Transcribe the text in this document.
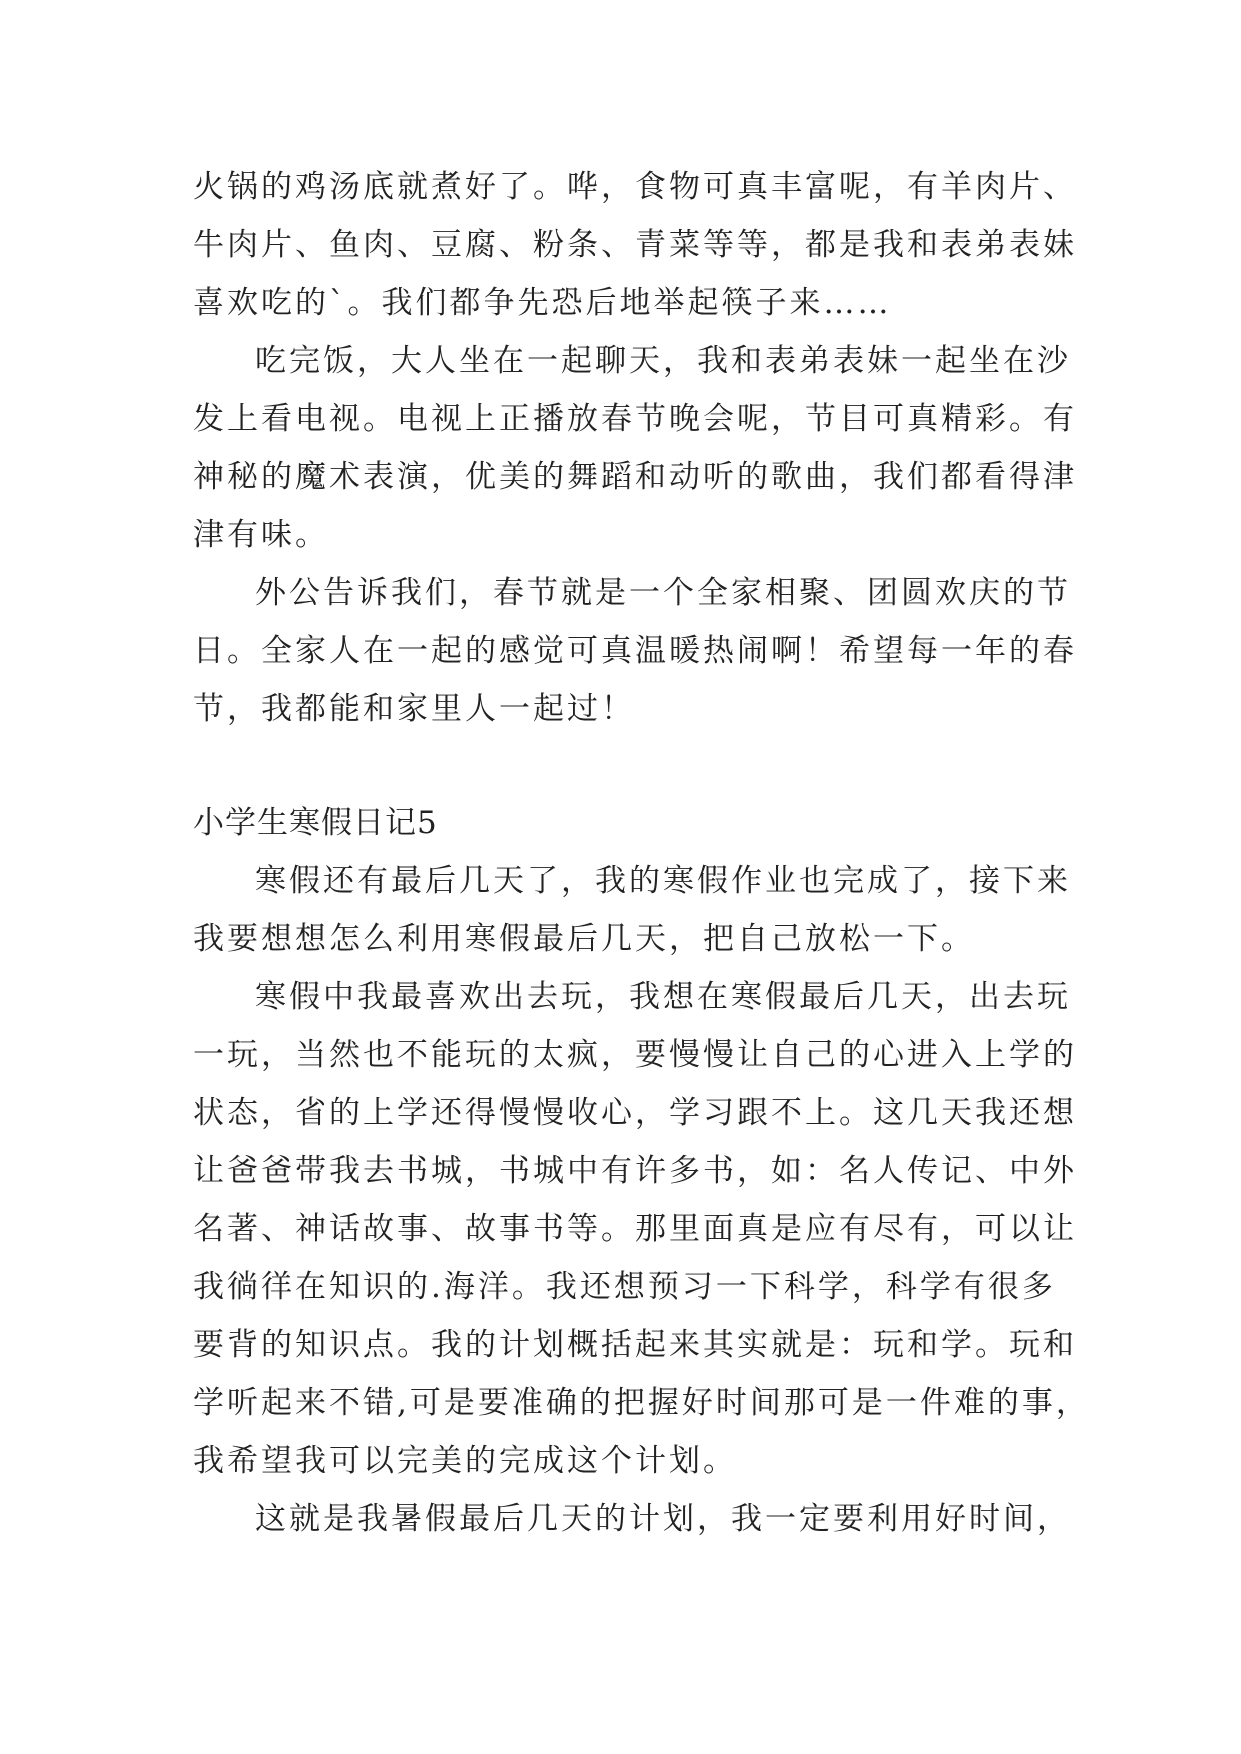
火锅的鸡汤底就煮好了。哗，食物可真丰富呢，有羊肉片、
牛肉片、鱼肉、豆腐、粉条、青菜等等，都是我和表弟表妹
喜欢吃的`。我们都争先恐后地举起筷子来……
吃完饭，大人坐在一起聊天，我和表弟表妹一起坐在沙
发上看电视。电视上正播放春节晚会呢，节目可真精彩。有
神秘的魔术表演，优美的舞蹈和动听的歌曲，我们都看得津
津有味。
外公告诉我们，春节就是一个全家相聚、团圆欢庆的节
日。全家人在一起的感觉可真温暖热闹啊！希望每一年的春
节，我都能和家里人一起过！
小学生寒假日记5
寒假还有最后几天了，我的寒假作业也完成了，接下来
我要想想怎么利用寒假最后几天，把自己放松一下。
寒假中我最喜欢出去玩，我想在寒假最后几天，出去玩
一玩，当然也不能玩的太疯，要慢慢让自己的心进入上学的
状态，省的上学还得慢慢收心，学习跟不上。这几天我还想
让爸爸带我去书城，书城中有许多书，如：名人传记、中外
名著、神话故事、故事书等。那里面真是应有尽有，可以让
我徜徉在知识的.海洋。我还想预习一下科学，科学有很多
要背的知识点。我的计划概括起来其实就是：玩和学。玩和
学听起来不错,可是要准确的把握好时间那可是一件难的事，
我希望我可以完美的完成这个计划。
这就是我暑假最后几天的计划，我一定要利用好时间，
